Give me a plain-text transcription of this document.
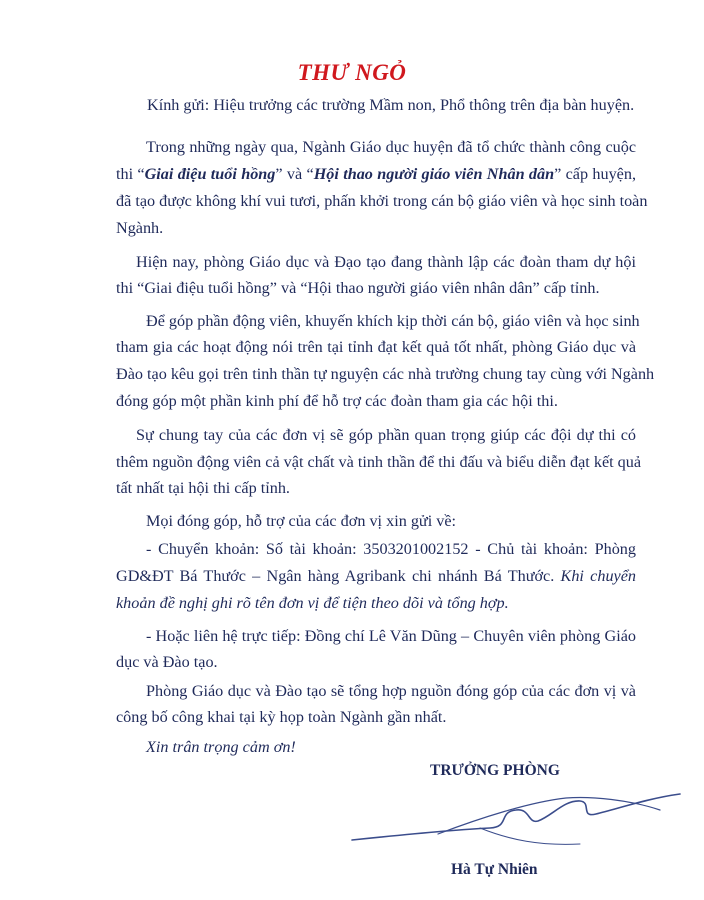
THƯ NGỎ
Kính gửi: Hiệu trưởng các trường Mầm non, Phổ thông trên địa bàn huyện.
Trong những ngày qua, Ngành Giáo dục huyện đã tổ chức thành công cuộc
thi “Giai điệu tuổi hồng” và “Hội thao người giáo viên Nhân dân” cấp huyện,
đã tạo được không khí vui tươi, phấn khởi trong cán bộ giáo viên và học sinh toàn
Ngành.
Hiện nay, phòng Giáo dục và Đạo tạo đang thành lập các đoàn tham dự hội
thi “Giai điệu tuổi hồng” và “Hội thao người giáo viên nhân dân” cấp tỉnh.
Để góp phần động viên, khuyến khích kịp thời cán bộ, giáo viên và học sinh
tham gia các hoạt động nói trên tại tỉnh đạt kết quả tốt nhất, phòng Giáo dục và
Đào tạo kêu gọi trên tinh thần tự nguyện các nhà trường chung tay cùng với Ngành
đóng góp một phần kinh phí để hỗ trợ các đoàn tham gia các hội thi.
Sự chung tay của các đơn vị sẽ góp phần quan trọng giúp các đội dự thi có
thêm nguồn động viên cả vật chất và tinh thần để thi đấu và biểu diễn đạt kết quả
tất nhất tại hội thi cấp tỉnh.
Mọi đóng góp, hỗ trợ của các đơn vị xin gửi về:
- Chuyển khoản: Số tài khoản: 3503201002152 - Chủ tài khoản: Phòng
GD&ĐT Bá Thước – Ngân hàng Agribank chi nhánh Bá Thước. Khi chuyển
khoản đề nghị ghi rõ tên đơn vị để tiện theo dõi và tổng hợp.
- Hoặc liên hệ trực tiếp: Đồng chí Lê Văn Dũng – Chuyên viên phòng Giáo
dục và Đào tạo.
Phòng Giáo dục và Đào tạo sẽ tổng hợp nguồn đóng góp của các đơn vị và
công bố công khai tại kỳ họp toàn Ngành gần nhất.
Xin trân trọng cảm ơn!
TRƯỞNG PHÒNG
Hà Tự Nhiên
